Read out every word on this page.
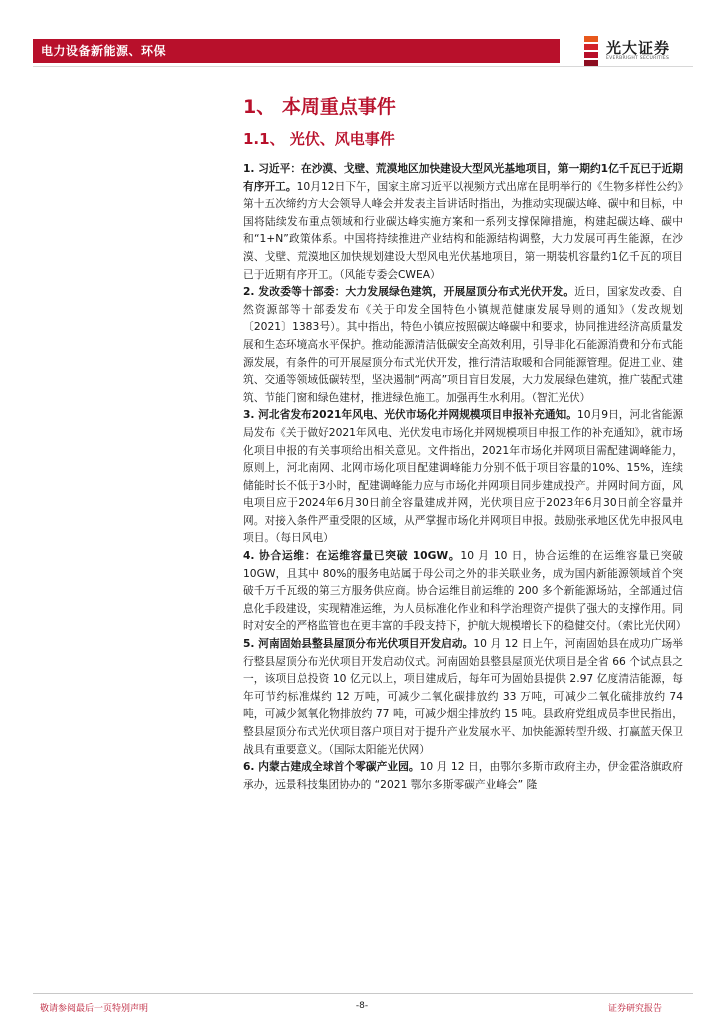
电力设备新能源、环保	光大证券
EVERBRIGHT SECURITIES
1、 本周重点事件
1.1、 光伏、风电事件

1. 习近平：在沙漠、戈壁、荒漠地区加快建设大型风光基地项目，第一期约1亿千瓦已于近期有序开工。10月12日下午，国家主席习近平以视频方式出席在昆明举行的《生物多样性公约》第十五次缔约方大会领导人峰会并发表主旨讲话时指出，为推动实现碳达峰、碳中和目标，中国将陆续发布重点领域和行业碳达峰实施方案和一系列支撑保障措施，构建起碳达峰、碳中和“1+N”政策体系。中国将持续推进产业结构和能源结构调整，大力发展可再生能源，在沙漠、戈壁、荒漠地区加快规划建设大型风电光伏基地项目，第一期装机容量约1亿千瓦的项目已于近期有序开工。（风能专委会CWEA）

2. 发改委等十部委：大力发展绿色建筑，开展屋顶分布式光伏开发。近日，国家发改委、自然资源部等十部委发布《关于印发全国特色小镇规范健康发展导则的通知》（发改规划〔2021〕1383号）。其中指出，特色小镇应按照碳达峰碳中和要求，协同推进经济高质量发展和生态环境高水平保护。推动能源清洁低碳安全高效利用，引导非化石能源消费和分布式能源发展，有条件的可开展屋顶分布式光伏开发，推行清洁取暖和合同能源管理。促进工业、建筑、交通等领域低碳转型，坚决遏制“两高”项目盲目发展，大力发展绿色建筑，推广装配式建筑、节能门窗和绿色建材，推进绿色施工。加强再生水利用。（智汇光伏）

3. 河北省发布2021年风电、光伏市场化并网规模项目申报补充通知。10月9日，河北省能源局发布《关于做好2021年风电、光伏发电市场化并网规模项目申报工作的补充通知》，就市场化项目申报的有关事项给出相关意见。文件指出，2021年市场化并网项目需配建调峰能力，原则上，河北南网、北网市场化项目配建调峰能力分别不低于项目容量的10%、15%，连续储能时长不低于3小时，配建调峰能力应与市场化并网项目同步建成投产。并网时间方面，风电项目应于2024年6月30日前全容量建成并网，光伏项目应于2023年6月30日前全容量并网。对接入条件严重受限的区域，从严掌握市场化并网项目申报。鼓励张承地区优先申报风电项目。（每日风电）

4. 协合运维：在运维容量已突破 10GW。10 月 10 日，协合运维的在运维容量已突破 10GW，且其中 80%的服务电站属于母公司之外的非关联业务，成为国内新能源领域首个突破千万千瓦级的第三方服务供应商。协合运维目前运维的 200 多个新能源场站，全部通过信息化手段建设，实现精准运维，为人员标准化作业和科学治理资产提供了强大的支撑作用。同时对安全的严格监管也在更丰富的手段支持下，护航大规模增长下的稳健交付。（索比光伏网）

5. 河南固始县整县屋顶分布光伏项目开发启动。10 月 12 日上午，河南固始县在成功广场举行整县屋顶分布光伏项目开发启动仪式。河南固始县整县屋顶光伏项目是全省 66 个试点县之一，该项目总投资 10 亿元以上，项目建成后，每年可为固始县提供 2.97 亿度清洁能源，每年可节约标准煤约 12 万吨，可减少二氧化碳排放约 33 万吨，可减少二氧化硫排放约 74 吨，可减少氮氧化物排放约 77 吨，可减少烟尘排放约 15 吨。县政府党组成员李世民指出，整县屋顶分布式光伏项目落户项目对于提升产业发展水平、加快能源转型升级、打赢蓝天保卫战具有重要意义。（国际太阳能光伏网）

6. 内蒙古建成全球首个零碳产业园。10 月 12 日，由鄂尔多斯市政府主办，伊金霍洛旗政府承办，远景科技集团协办的 “2021 鄂尔多斯零碳产业峰会” 隆

敬请参阅最后一页特别声明	-8-	证券研究报告
